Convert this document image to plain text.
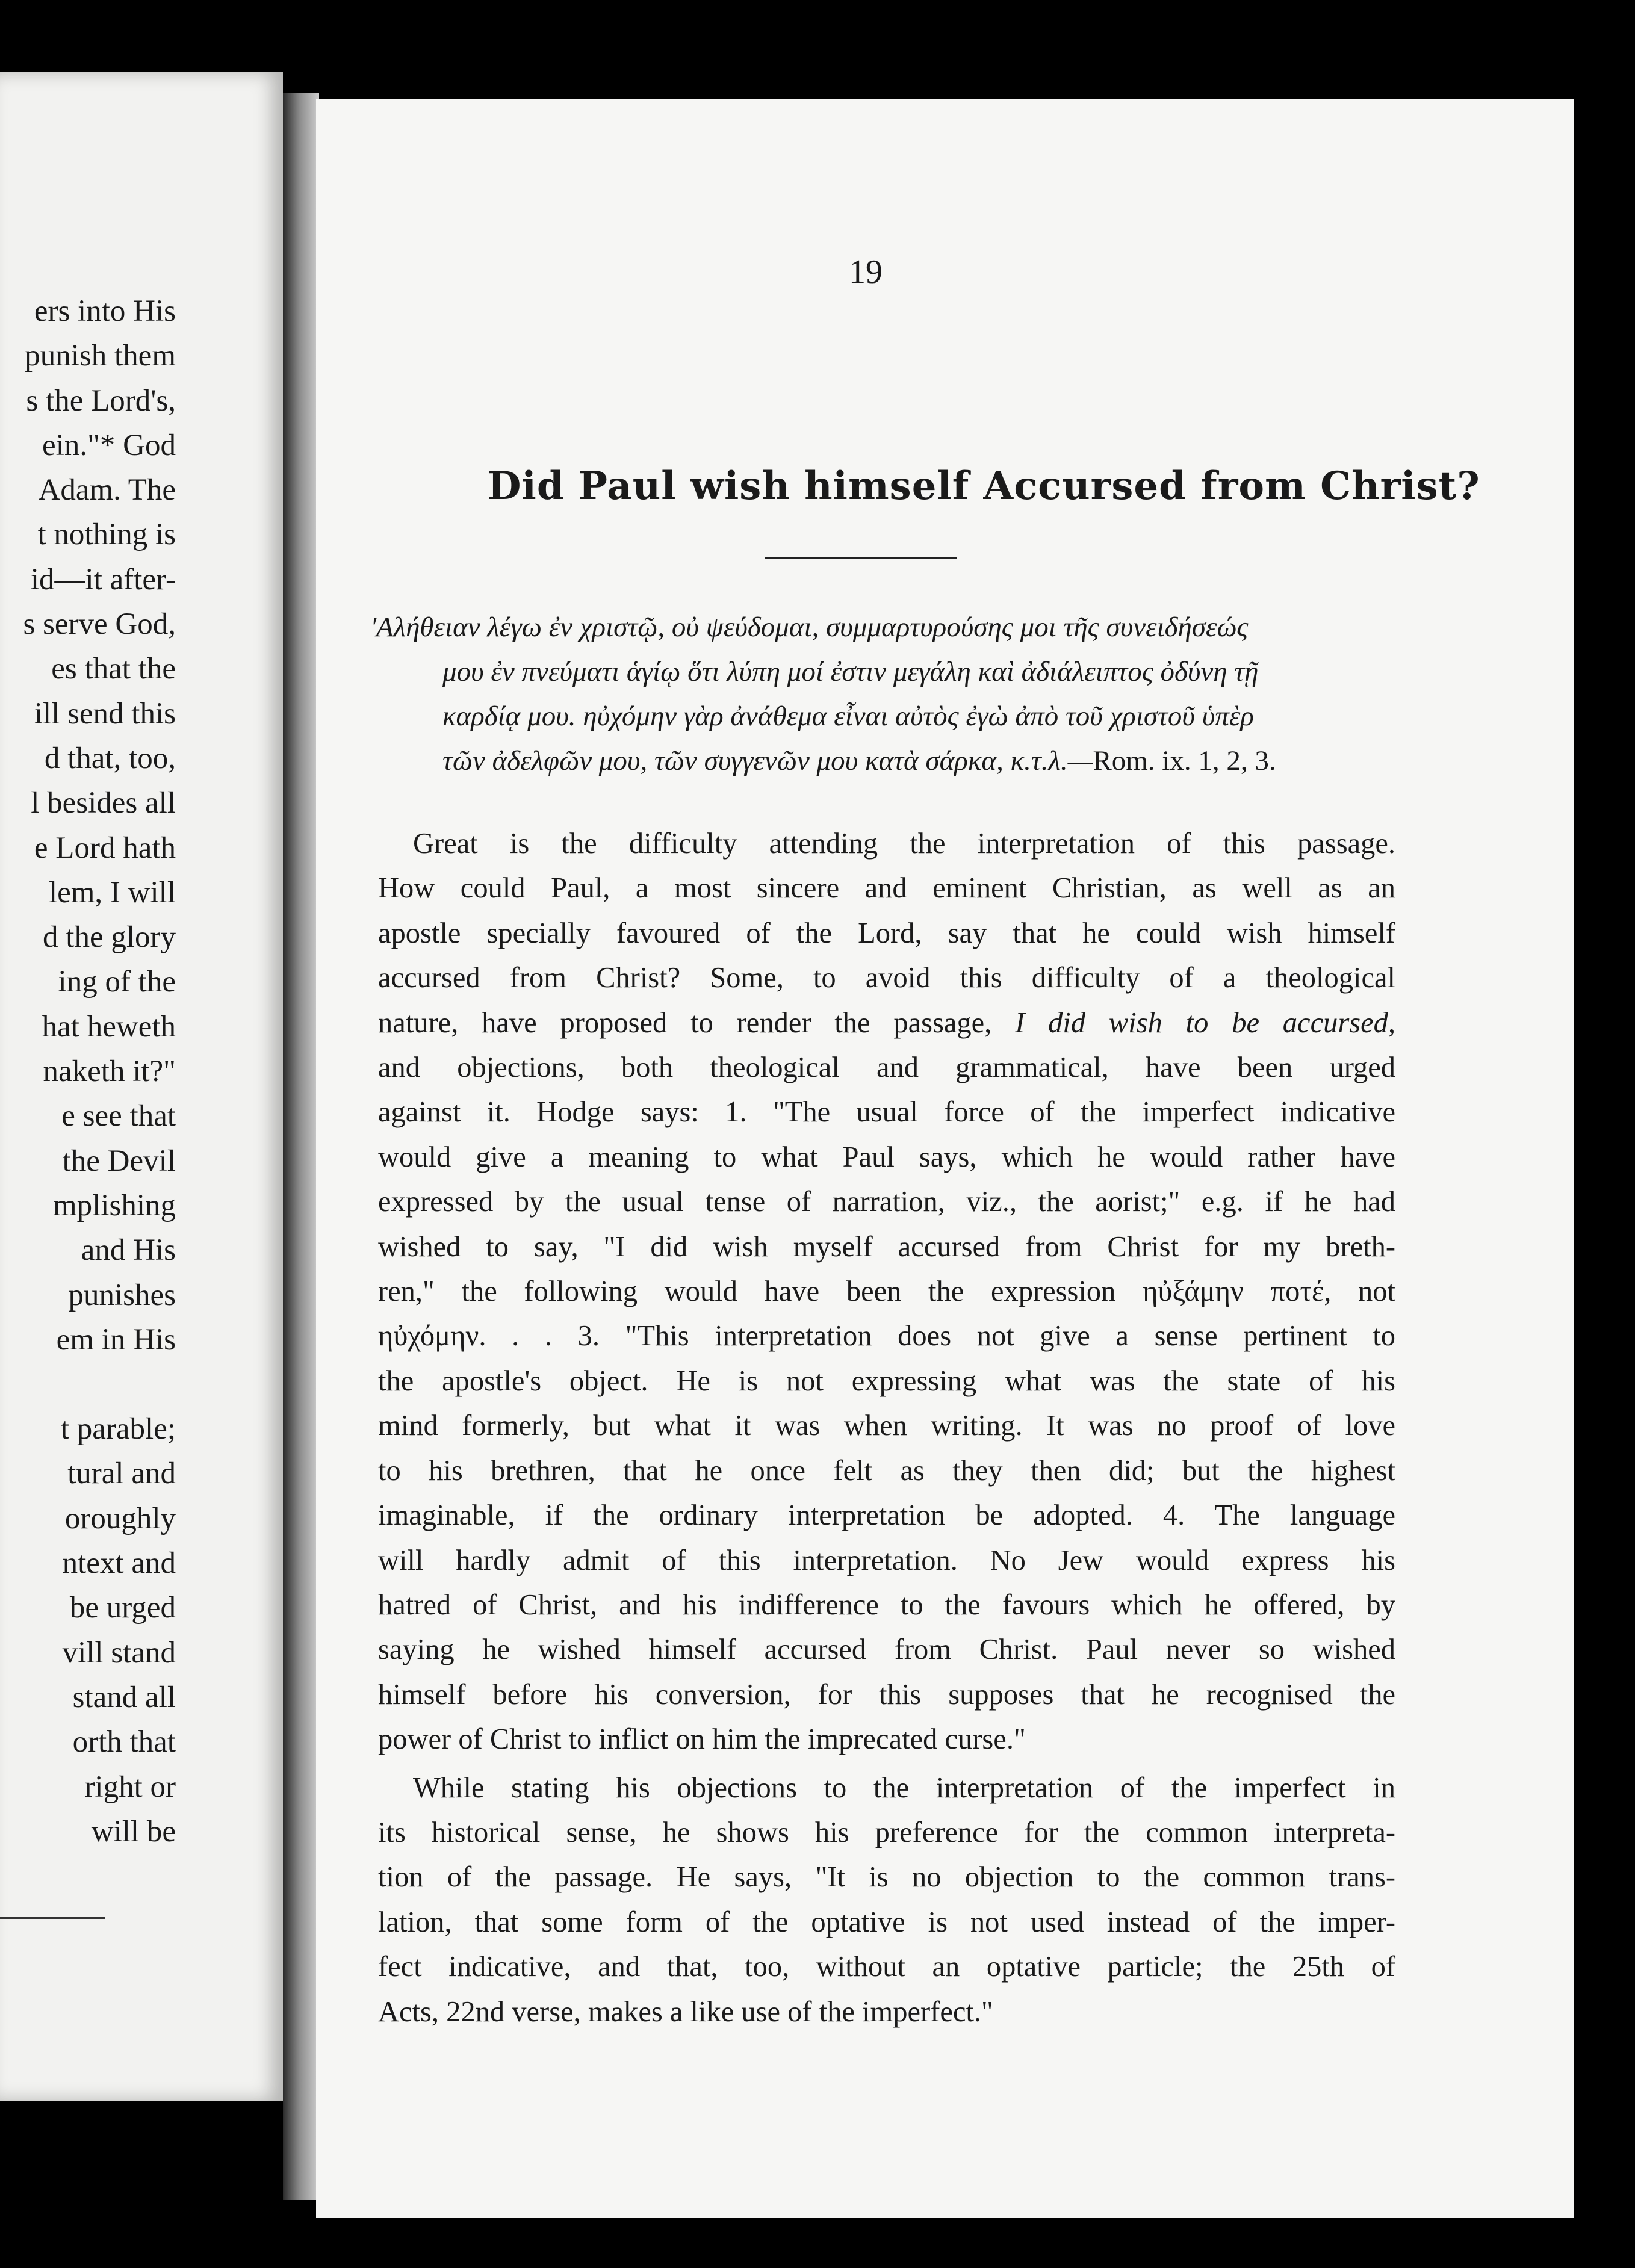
ers into His
punish them
s the Lord's,
ein."* God
Adam. The
t nothing is
id—it after-
s serve God,
es that the
ill send this
d that, too,
l besides all
e Lord hath
lem, I will
d the glory
ing of the
hat heweth
naketh it?"
e see that
the Devil
mplishing
and His
punishes
em in His
t parable;
tural and
oroughly
ntext and
be urged
vill stand
stand all
orth that
right or
will be
19
Did Paul wish himself Accursed from Christ?
'Αλήθειαν λέγω ἐν χριστῷ, οὐ ψεύδομαι, συμμαρτυρούσης μοι τῆς συνειδήσεώς
μου ἐν πνεύματι ἁγίῳ ὅτι λύπη μοί ἐστιν μεγάλη καὶ ἀδιάλειπτος ὀδύνη τῇ
καρδίᾳ μου. ηὐχόμην γὰρ ἀνάθεμα εἶναι αὐτὸς ἐγὼ ἀπὸ τοῦ χριστοῦ ὑπὲρ
τῶν ἀδελφῶν μου, τῶν συγγενῶν μου κατὰ σάρκα, κ.τ.λ.—Rom. ix. 1, 2, 3.
Great is the difficulty attending the interpretation of this passage.
How could Paul, a most sincere and eminent Christian, as well as an
apostle specially favoured of the Lord, say that he could wish himself
accursed from Christ? Some, to avoid this difficulty of a theological
nature, have proposed to render the passage, I did wish to be accursed,
and objections, both theological and grammatical, have been urged
against it. Hodge says: 1. "The usual force of the imperfect indicative
would give a meaning to what Paul says, which he would rather have
expressed by the usual tense of narration, viz., the aorist;" e.g. if he had
wished to say, "I did wish myself accursed from Christ for my breth-
ren," the following would have been the expression ηὐξάμην ποτέ, not
ηὐχόμην. . . 3. "This interpretation does not give a sense pertinent to
the apostle's object. He is not expressing what was the state of his
mind formerly, but what it was when writing. It was no proof of love
to his brethren, that he once felt as they then did; but the highest
imaginable, if the ordinary interpretation be adopted. 4. The language
will hardly admit of this interpretation. No Jew would express his
hatred of Christ, and his indifference to the favours which he offered, by
saying he wished himself accursed from Christ. Paul never so wished
himself before his conversion, for this supposes that he recognised the
power of Christ to inflict on him the imprecated curse."
While stating his objections to the interpretation of the imperfect in
its historical sense, he shows his preference for the common interpreta-
tion of the passage. He says, "It is no objection to the common trans-
lation, that some form of the optative is not used instead of the imper-
fect indicative, and that, too, without an optative particle; the 25th of
Acts, 22nd verse, makes a like use of the imperfect."
